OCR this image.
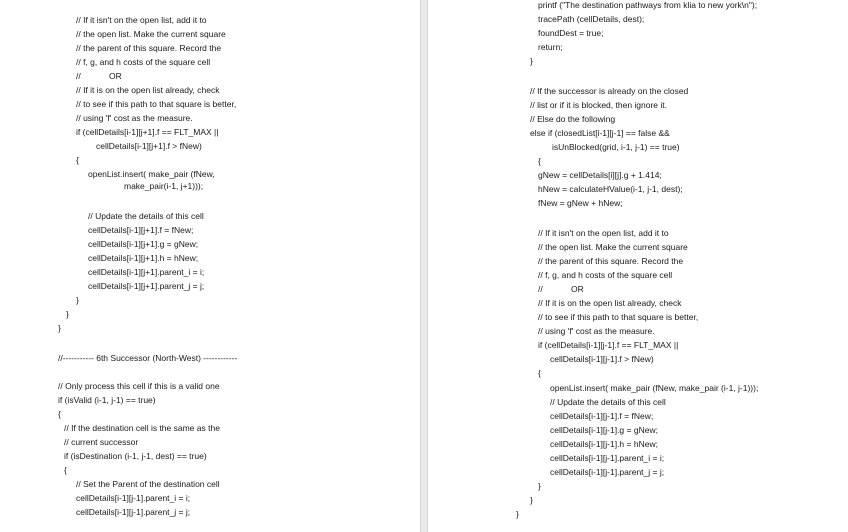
// If it isn't on the open list, add it to
// the open list. Make the current square
// the parent of this square. Record the
// f, g, and h costs of the square cell
//            OR
// If it is on the open list already, check
// to see if this path to that square is better,
// using 'f' cost as the measure.
if (cellDetails[i-1][j+1].f == FLT_MAX ||
cellDetails[i-1][j+1].f > fNew)
{
openList.insert( make_pair (fNew,
make_pair(i-1, j+1)));
// Update the details of this cell
cellDetails[i-1][j+1].f = fNew;
cellDetails[i-1][j+1].g = gNew;
cellDetails[i-1][j+1].h = hNew;
cellDetails[i-1][j+1].parent_i = i;
cellDetails[i-1][j+1].parent_j = j;
}
}
}
//----------- 6th Successor (North-West) ------------
// Only process this cell if this is a valid one
if (isValid (i-1, j-1) == true)
{
// If the destination cell is the same as the
// current successor
if (isDestination (i-1, j-1, dest) == true)
{
// Set the Parent of the destination cell
cellDetails[i-1][j-1].parent_i = i;
cellDetails[i-1][j-1].parent_j = j;
printf ("The destination pathways from klia to new york\n");
tracePath (cellDetails, dest);
foundDest = true;
return;
}
// If the successor is already on the closed
// list or if it is blocked, then ignore it.
// Else do the following
else if (closedList[i-1][j-1] == false &&
isUnBlocked(grid, i-1, j-1) == true)
{
gNew = cellDetails[i][j].g + 1.414;
hNew = calculateHValue(i-1, j-1, dest);
fNew = gNew + hNew;
// If it isn't on the open list, add it to
// the open list. Make the current square
// the parent of this square. Record the
// f, g, and h costs of the square cell
//            OR
// If it is on the open list already, check
// to see if this path to that square is better,
// using 'f' cost as the measure.
if (cellDetails[i-1][j-1].f == FLT_MAX ||
cellDetails[i-1][j-1].f > fNew)
{
openList.insert( make_pair (fNew, make_pair (i-1, j-1)));
// Update the details of this cell
cellDetails[i-1][j-1].f = fNew;
cellDetails[i-1][j-1].g = gNew;
cellDetails[i-1][j-1].h = hNew;
cellDetails[i-1][j-1].parent_i = i;
cellDetails[i-1][j-1].parent_j = j;
}
}
}
